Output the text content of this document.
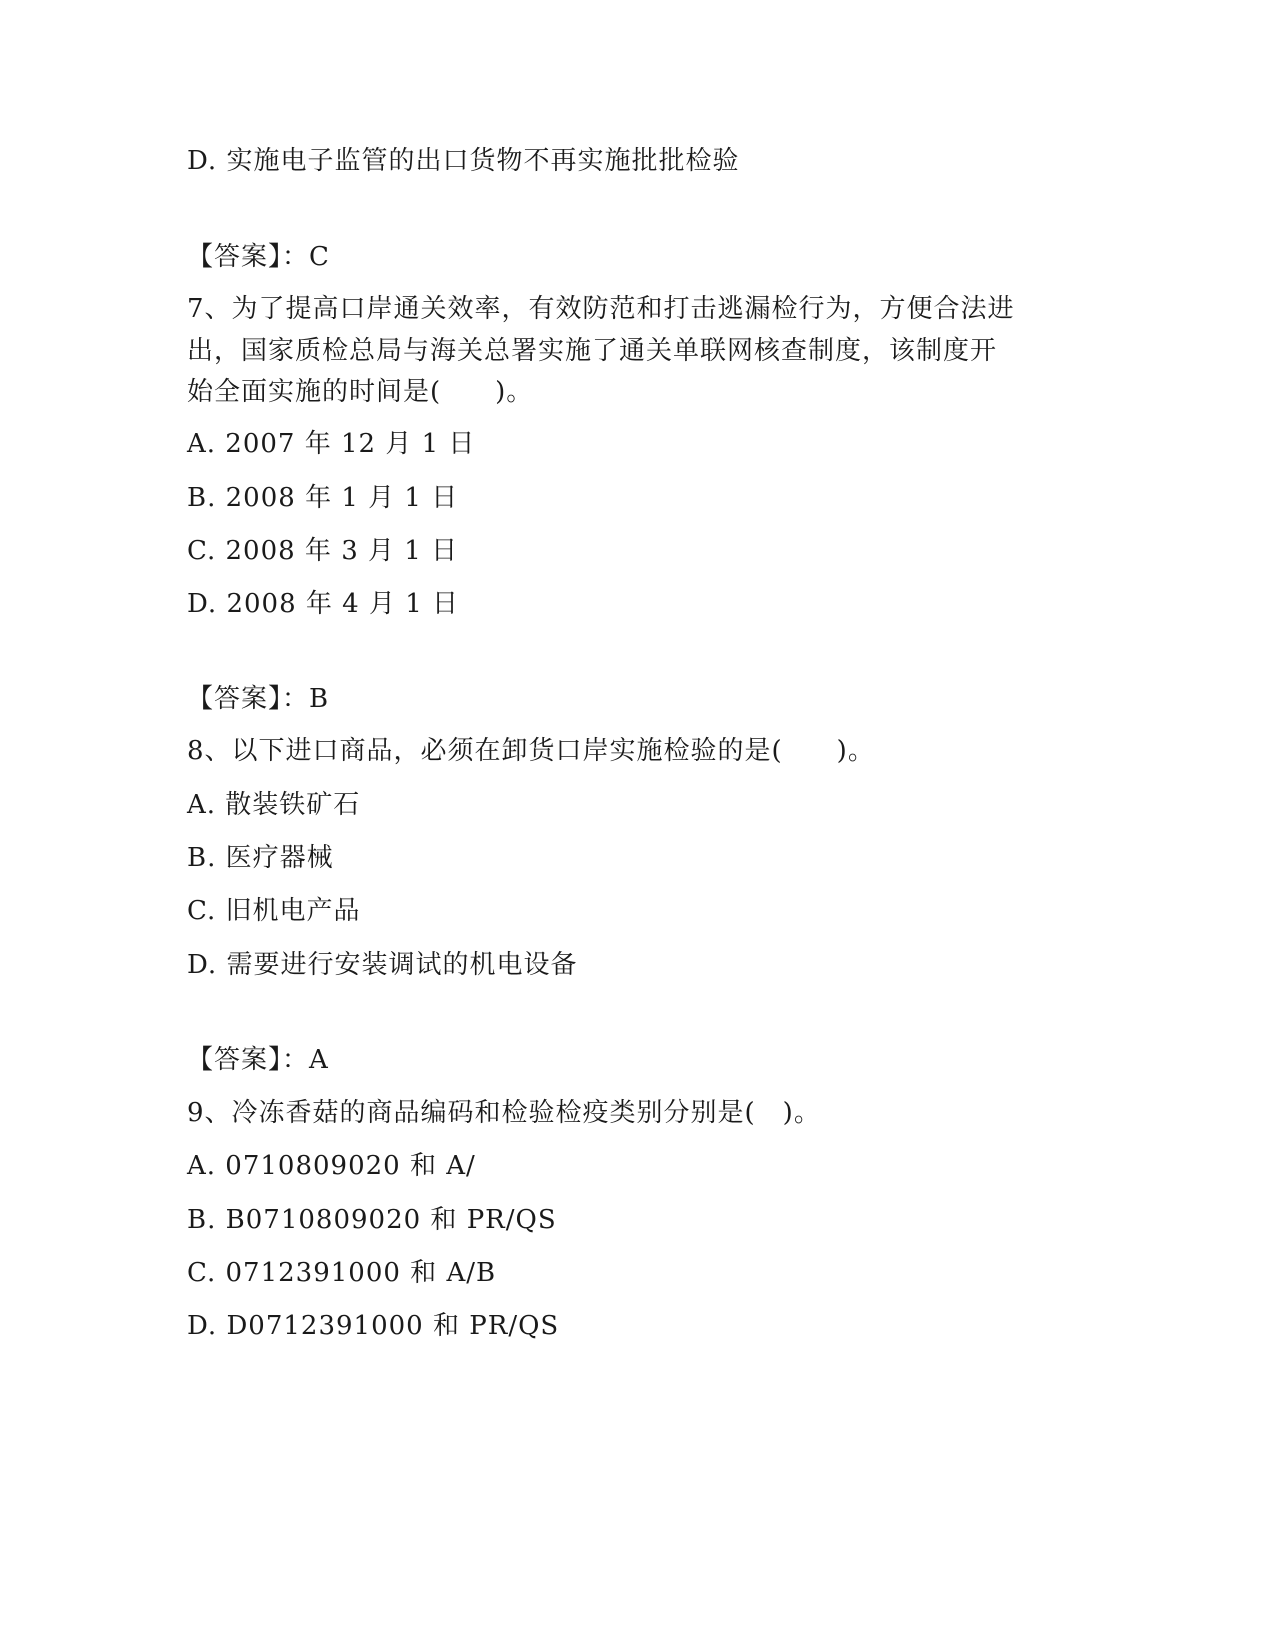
D. 实施电子监管的出口货物不再实施批批检验
【答案】：C
7、为了提高口岸通关效率，有效防范和打击逃漏检行为，方便合法进
出，国家质检总局与海关总署实施了通关单联网核查制度，该制度开
始全面实施的时间是(　　)。
A. 2007 年 12 月 1 日
B. 2008 年 1 月 1 日
C. 2008 年 3 月 1 日
D. 2008 年 4 月 1 日
【答案】：B
8、以下进口商品，必须在卸货口岸实施检验的是(　　)。
A. 散装铁矿石
B. 医疗器械
C. 旧机电产品
D. 需要进行安装调试的机电设备
【答案】：A
9、冷冻香菇的商品编码和检验检疫类别分别是(　)。
A. 0710809020 和 A/
B. B0710809020 和 PR/QS
C. 0712391000 和 A/B
D. D0712391000 和 PR/QS
